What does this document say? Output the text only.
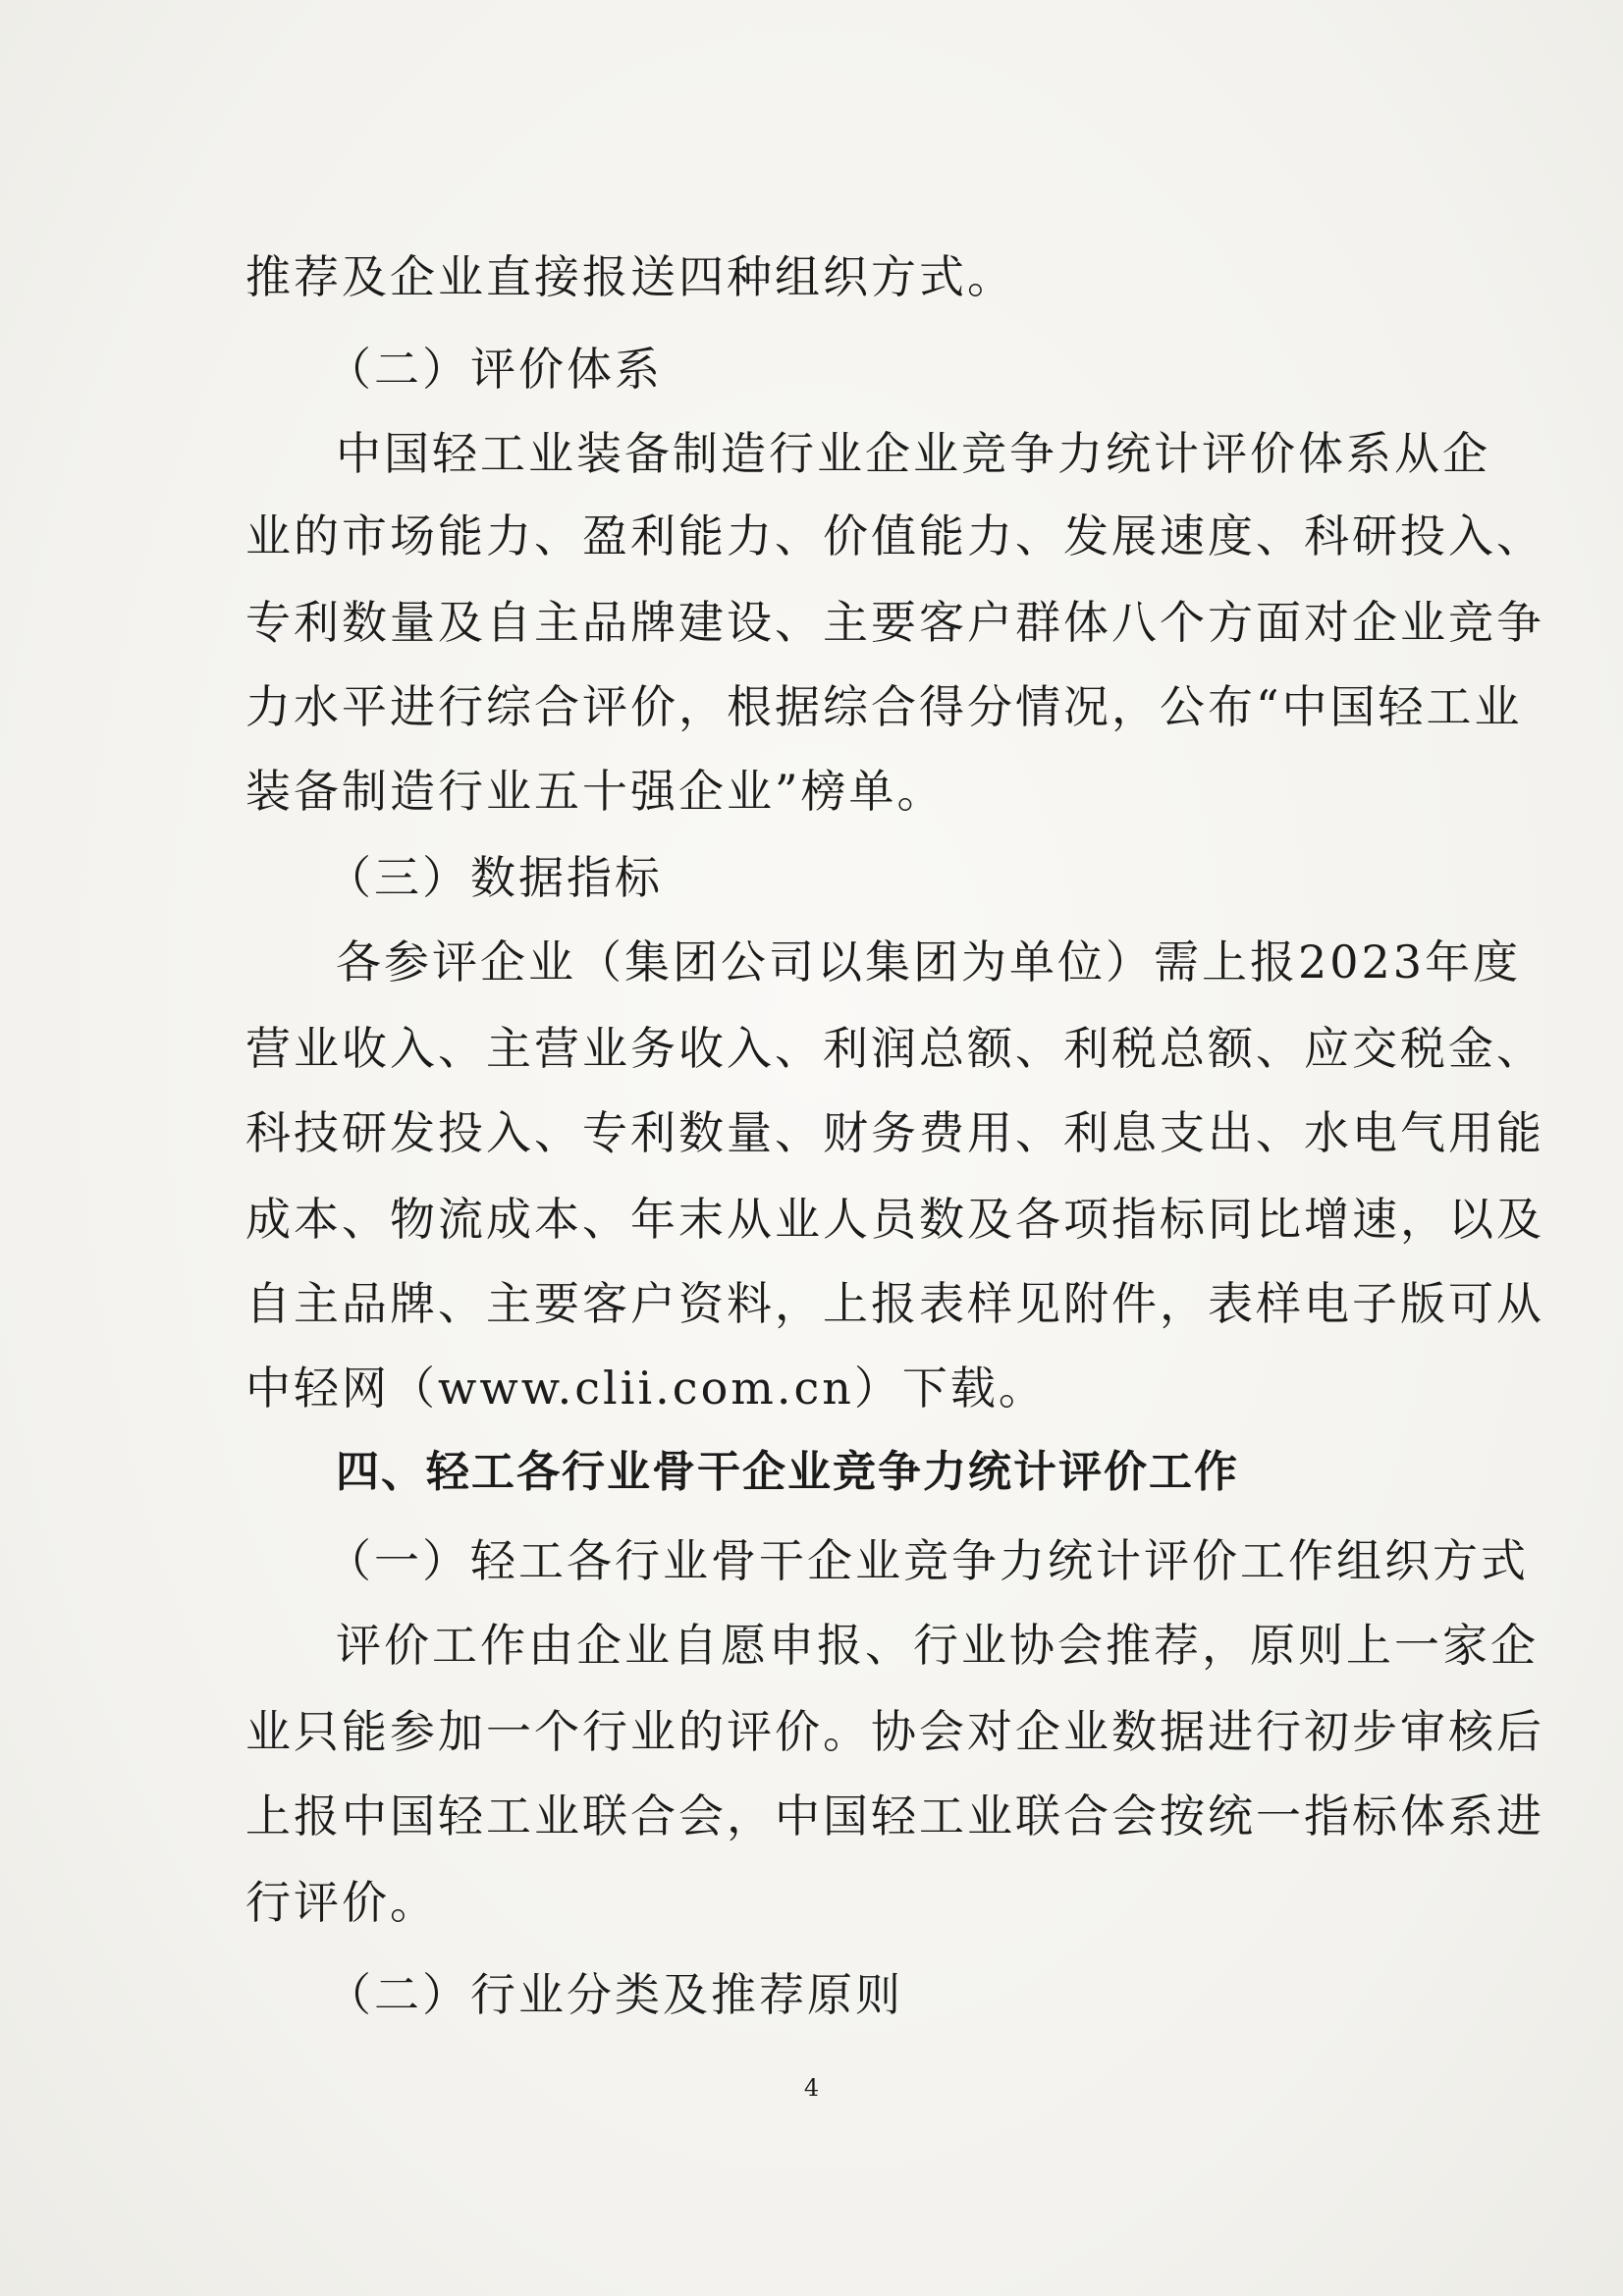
推荐及企业直接报送四种组织方式。
（二）评价体系
中国轻工业装备制造行业企业竞争力统计评价体系从企
业的市场能力、盈利能力、价值能力、发展速度、科研投入、
专利数量及自主品牌建设、主要客户群体八个方面对企业竞争
力水平进行综合评价，根据综合得分情况，公布“中国轻工业
装备制造行业五十强企业”榜单。
（三）数据指标
各参评企业（集团公司以集团为单位）需上报2023年度
营业收入、主营业务收入、利润总额、利税总额、应交税金、
科技研发投入、专利数量、财务费用、利息支出、水电气用能
成本、物流成本、年末从业人员数及各项指标同比增速，以及
自主品牌、主要客户资料，上报表样见附件，表样电子版可从
中轻网（www.clii.com.cn）下载。
四、轻工各行业骨干企业竞争力统计评价工作
（一）轻工各行业骨干企业竞争力统计评价工作组织方式
评价工作由企业自愿申报、行业协会推荐，原则上一家企
业只能参加一个行业的评价。协会对企业数据进行初步审核后
上报中国轻工业联合会，中国轻工业联合会按统一指标体系进
行评价。
（二）行业分类及推荐原则
4
